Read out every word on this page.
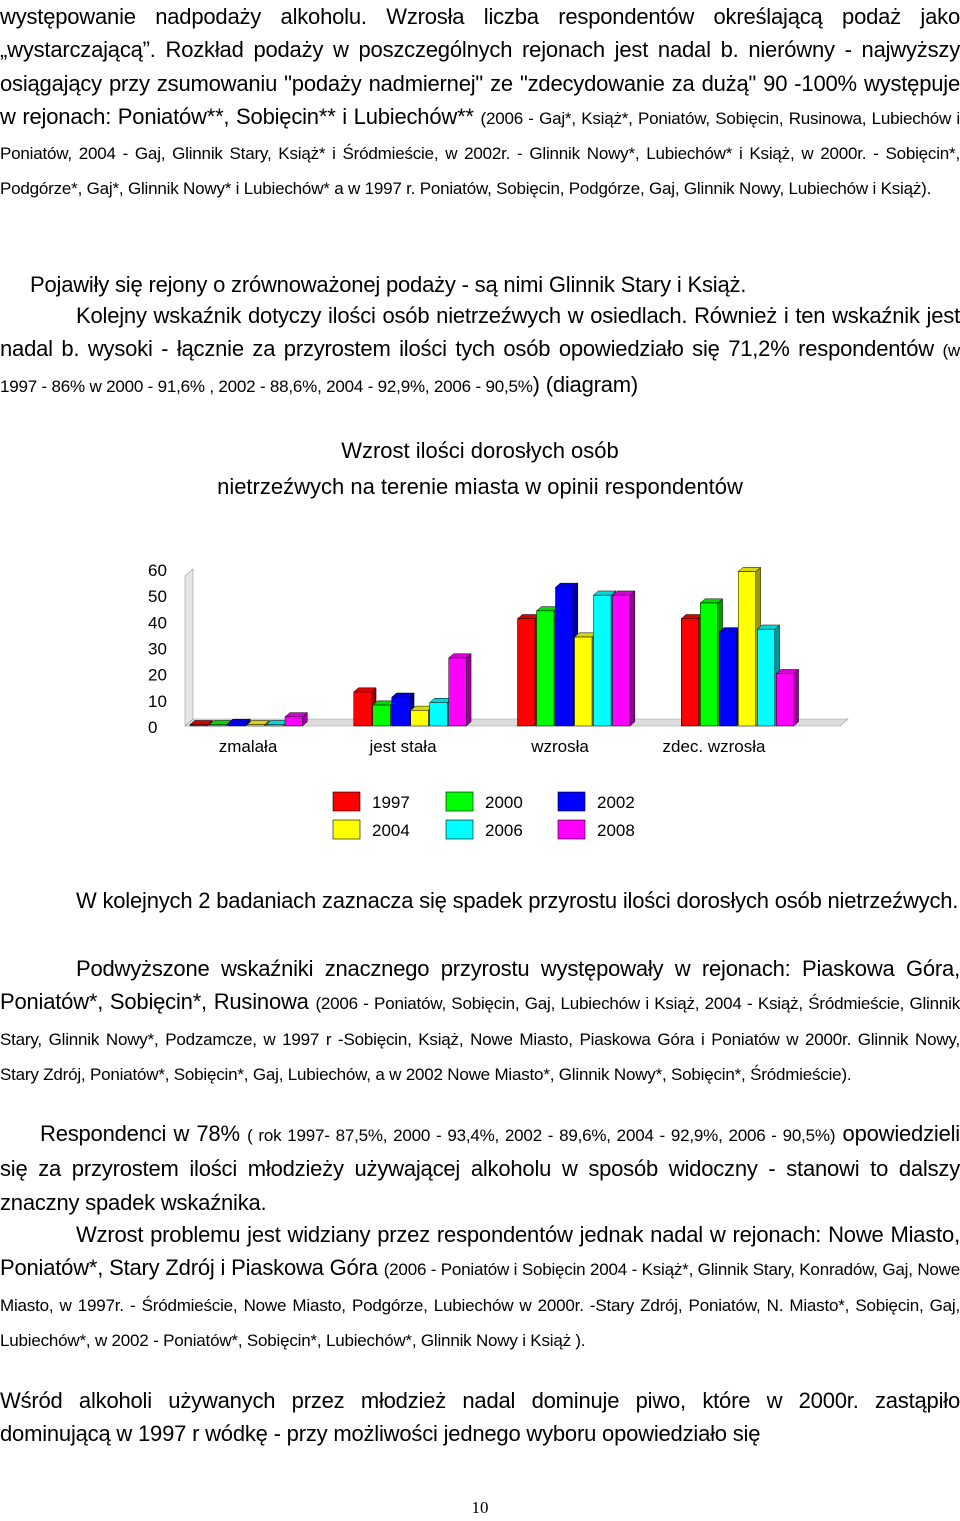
występowanie nadpodaży alkoholu. Wzrosła liczba respondentów określającą podaż jako „wystarczającą”. Rozkład podaży w poszczególnych rejonach jest nadal b. nierówny - najwyższy osiągający przy zsumowaniu "podaży nadmiernej" ze "zdecydowanie za dużą" 90 -100% występuje w rejonach: Poniatów**, Sobięcin** i Lubiechów** (2006 - Gaj*, Książ*, Poniatów, Sobięcin, Rusinowa, Lubiechów i Poniatów, 2004 - Gaj, Glinnik Stary, Książ* i Śródmieście, w 2002r. - Glinnik Nowy*, Lubiechów* i Książ, w 2000r. - Sobięcin*, Podgórze*, Gaj*, Glinnik Nowy* i Lubiechów* a w 1997 r. Poniatów, Sobięcin, Podgórze, Gaj, Glinnik Nowy, Lubiechów i Książ).

Pojawiły się rejony o zrównoważonej podaży - są nimi Glinnik Stary i Książ.

Kolejny wskaźnik dotyczy ilości osób nietrzeźwych w osiedlach. Również i ten wskaźnik jest nadal b. wysoki - łącznie za przyrostem ilości tych osób opowiedziało się 71,2% respondentów (w 1997 - 86% w 2000 - 91,6% , 2002 - 88,6%, 2004 - 92,9%, 2006 - 90,5%) (diagram)

Wzrost ilości dorosłych osób
nietrzeźwych na terenie miasta w opinii respondentów
0
10
20
30
40
50
60
zmalała	jest stała	wzrosła	zdec. wzrosła
1997	2000	2002
2004	2006	2008

W kolejnych 2 badaniach zaznacza się spadek przyrostu ilości dorosłych osób nietrzeźwych.

Podwyższone wskaźniki znacznego przyrostu występowały w rejonach: Piaskowa Góra, Poniatów*, Sobięcin*, Rusinowa (2006 - Poniatów, Sobięcin, Gaj, Lubiechów i Książ, 2004 - Książ, Śródmieście, Glinnik Stary, Glinnik Nowy*, Podzamcze, w 1997 r -Sobięcin, Książ, Nowe Miasto, Piaskowa Góra i Poniatów w 2000r. Glinnik Nowy, Stary Zdrój, Poniatów*, Sobięcin*, Gaj, Lubiechów, a w 2002 Nowe Miasto*, Glinnik Nowy*, Sobięcin*, Śródmieście).

Respondenci w 78% ( rok 1997- 87,5%, 2000 - 93,4%, 2002 - 89,6%, 2004 - 92,9%, 2006 - 90,5%) opowiedzieli się za przyrostem ilości młodzieży używającej alkoholu w sposób widoczny - stanowi to dalszy znaczny spadek wskaźnika.

Wzrost problemu jest widziany przez respondentów jednak nadal w rejonach: Nowe Miasto, Poniatów*, Stary Zdrój i Piaskowa Góra (2006 - Poniatów i Sobięcin 2004 - Książ*, Glinnik Stary, Konradów, Gaj, Nowe Miasto, w 1997r. - Śródmieście, Nowe Miasto, Podgórze, Lubiechów w 2000r. -Stary Zdrój, Poniatów, N. Miasto*, Sobięcin, Gaj, Lubiechów*, w 2002 - Poniatów*, Sobięcin*, Lubiechów*, Glinnik Nowy i Książ ).

Wśród alkoholi używanych przez młodzież nadal dominuje piwo, które w 2000r. zastąpiło dominującą w 1997 r wódkę - przy możliwości jednego wyboru opowiedziało się

10
